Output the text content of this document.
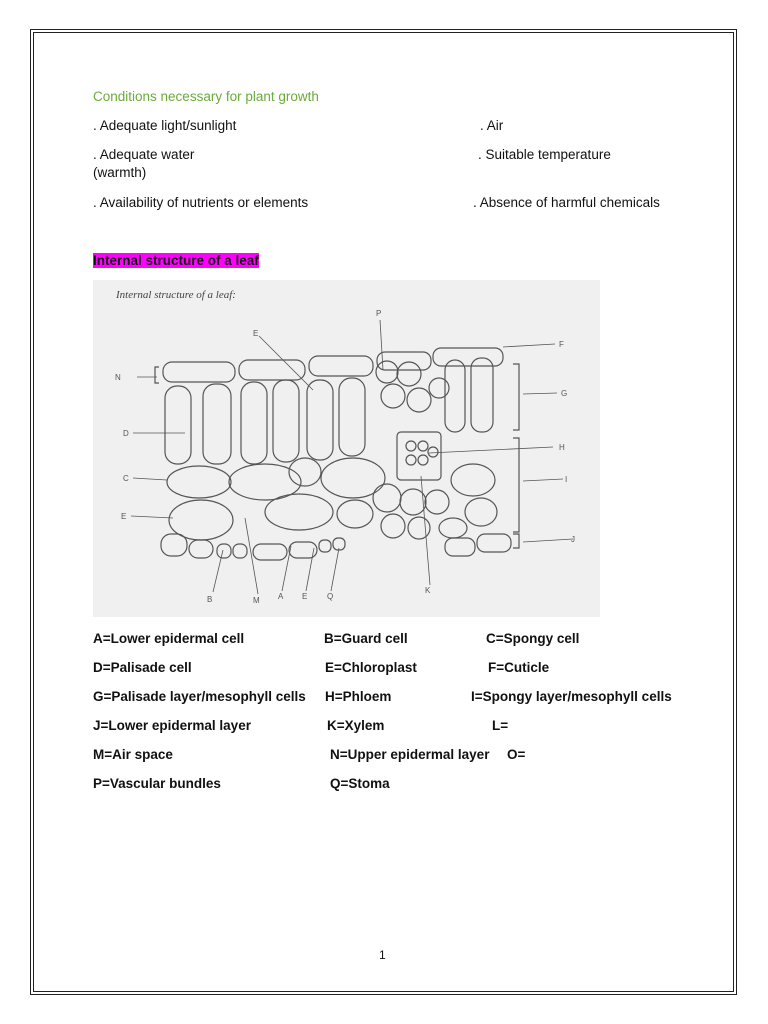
Conditions necessary for plant growth
. Adequate light/sunlight	. Air
. Adequate water	. Suitable temperature
(warmth)
. Availability of nutrients or elements	. Absence of harmful chemicals
Internal structure of a leaf
Internal structure of a leaf:
P
E
F
N
G
D
H
C	I
E
J
B	M A E Q
K
A=Lower epidermal cell	B=Guard cell	C=Spongy cell
D=Palisade cell	E=Chloroplast	F=Cuticle
G=Palisade layer/mesophyll cells H=Phloem	I=Spongy layer/mesophyll cells
J=Lower epidermal layer	K=Xylem	L=
M=Air space	N=Upper epidermal layer O=
P=Vascular bundles	Q=Stoma
1
